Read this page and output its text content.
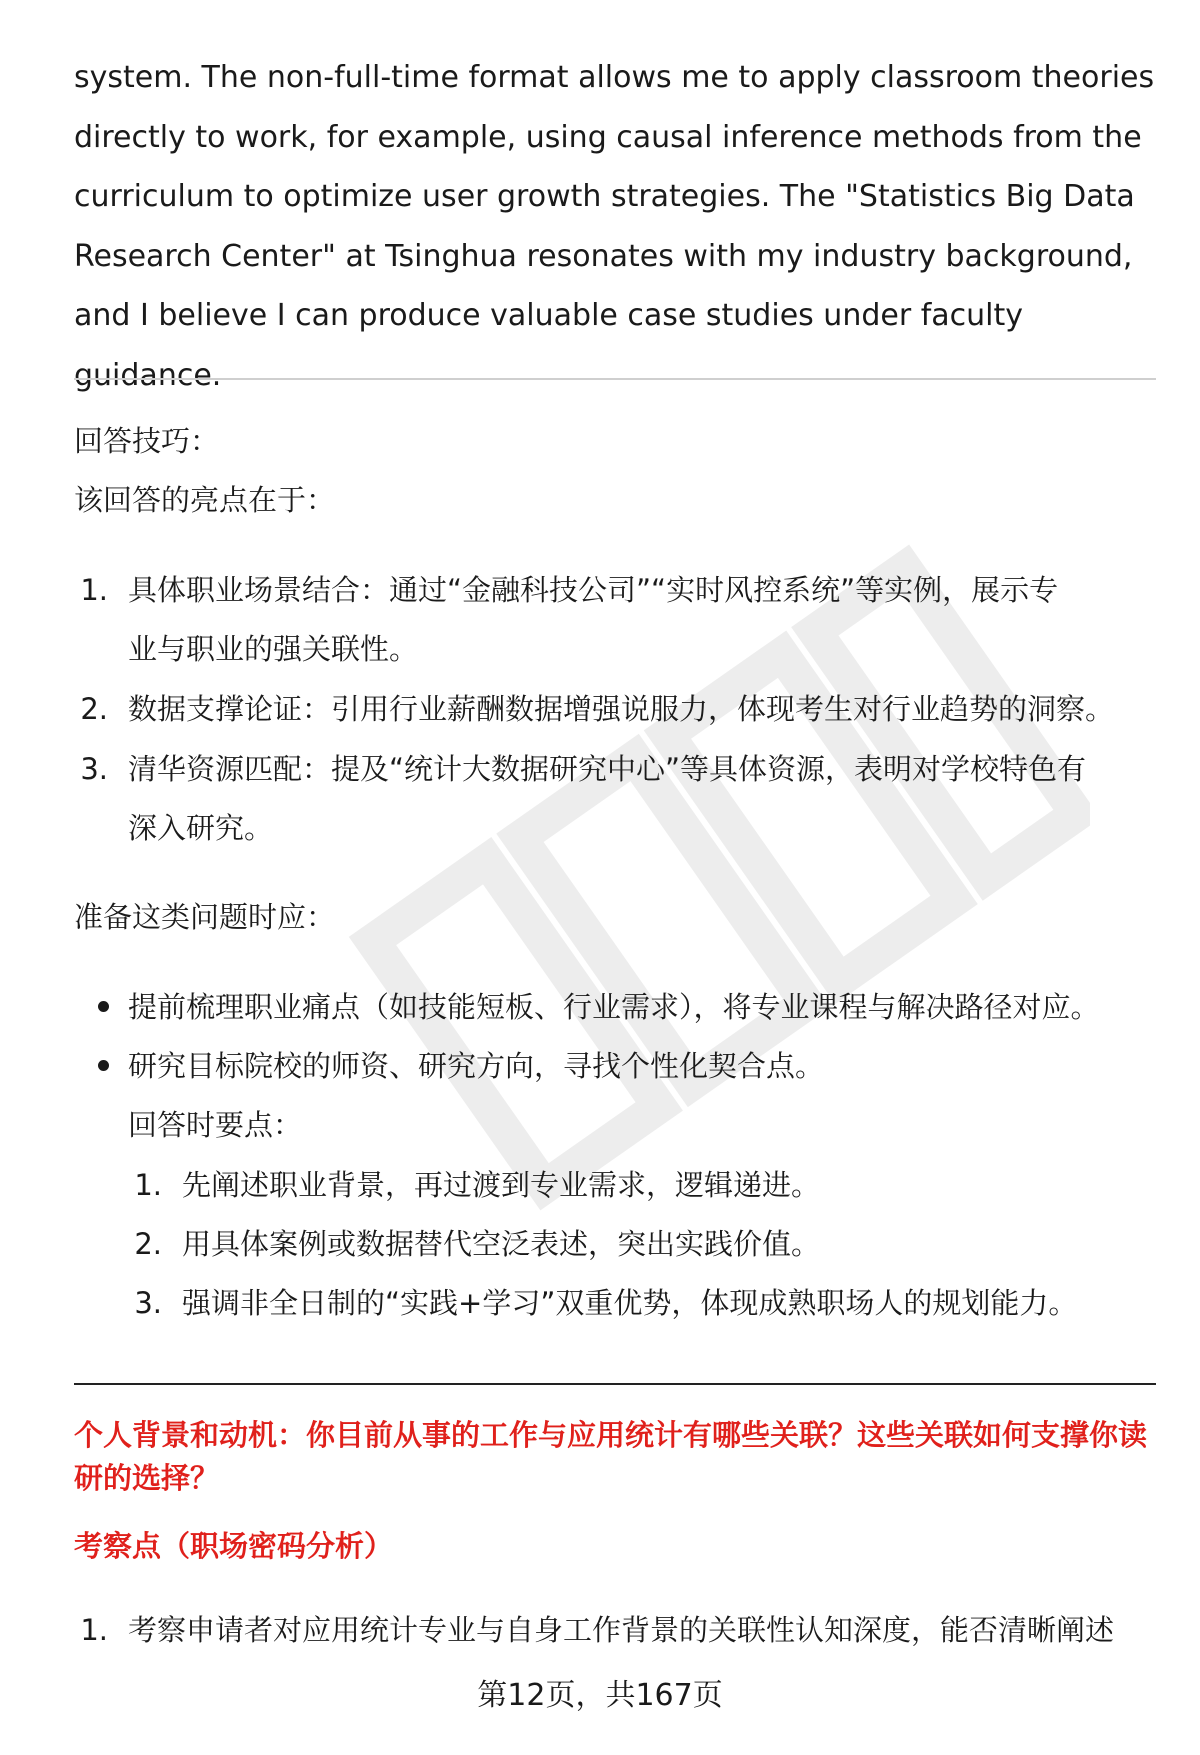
system. The non-full-time format allows me to apply classroom theories directly to work, for example, using causal inference methods from the curriculum to optimize user growth strategies. The "Statistics Big Data Research Center" at Tsinghua resonates with my industry background, and I believe I can produce valuable case studies under faculty guidance.

回答技巧：
该回答的亮点在于：
1. 具体职业场景结合：通过“金融科技公司”“实时风控系统”等实例，展示专
业与职业的强关联性。
2. 数据支撑论证：引用行业薪酬数据增强说服力，体现考生对行业趋势的洞察。
3. 清华资源匹配：提及“统计大数据研究中心”等具体资源，表明对学校特色有
深入研究。
准备这类问题时应：
提前梳理职业痛点（如技能短板、行业需求），将专业课程与解决路径对应。
研究目标院校的师资、研究方向，寻找个性化契合点。
回答时要点：
1. 先阐述职业背景，再过渡到专业需求，逻辑递进。
2. 用具体案例或数据替代空泛表述，突出实践价值。
3. 强调非全日制的“实践+学习”双重优势，体现成熟职场人的规划能力。
个人背景和动机：你目前从事的工作与应用统计有哪些关联？这些关联如何支撑你读研的选择？
考察点（职场密码分析）
1. 考察申请者对应用统计专业与自身工作背景的关联性认知深度，能否清晰阐述
第12页，共167页
